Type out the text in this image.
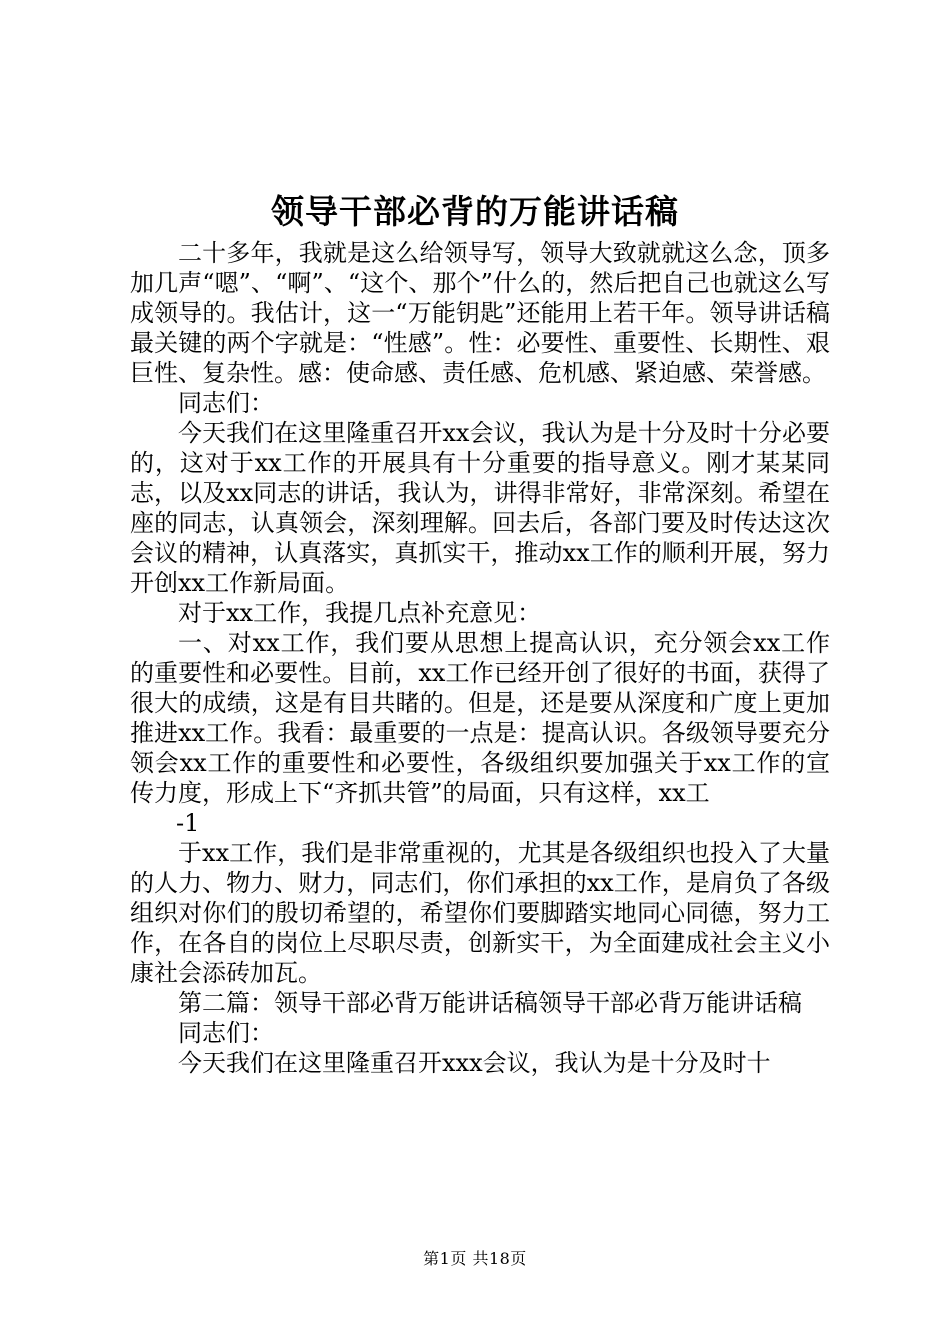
领导干部必背的万能讲话稿

二十多年，我就是这么给领导写，领导大致就就这么念，顶多加几声“嗯”、“啊”、“这个、那个”什么的，然后把自己也就这么写成领导的。我估计，这一“万能钥匙”还能用上若干年。领导讲话稿最关键的两个字就是：“性感”。性：必要性、重要性、长期性、艰巨性、复杂性。感：使命感、责任感、危机感、紧迫感、荣誉感。

同志们：

今天我们在这里隆重召开xx会议，我认为是十分及时十分必要的，这对于xx工作的开展具有十分重要的指导意义。刚才某某同志，以及xx同志的讲话，我认为，讲得非常好，非常深刻。希望在座的同志，认真领会，深刻理解。回去后，各部门要及时传达这次会议的精神，认真落实，真抓实干，推动xx工作的顺利开展，努力开创xx工作新局面。

对于xx工作，我提几点补充意见：

一、对xx工作，我们要从思想上提高认识，充分领会xx工作的重要性和必要性。目前，xx工作已经开创了很好的书面，获得了很大的成绩，这是有目共睹的。但是，还是要从深度和广度上更加推进xx工作。我看：最重要的一点是：提高认识。各级领导要充分领会xx工作的重要性和必要性，各级组织要加强关于xx工作的宣传力度，形成上下“齐抓共管”的局面，只有这样，xx工

-1

于xx工作，我们是非常重视的，尤其是各级组织也投入了大量的人力、物力、财力，同志们，你们承担的xx工作，是肩负了各级组织对你们的殷切希望的，希望你们要脚踏实地同心同德，努力工作，在各自的岗位上尽职尽责，创新实干，为全面建成社会主义小康社会添砖加瓦。

第二篇：领导干部必背万能讲话稿领导干部必背万能讲话稿

同志们：

今天我们在这里隆重召开xxx会议，我认为是十分及时十

第1页 共18页
